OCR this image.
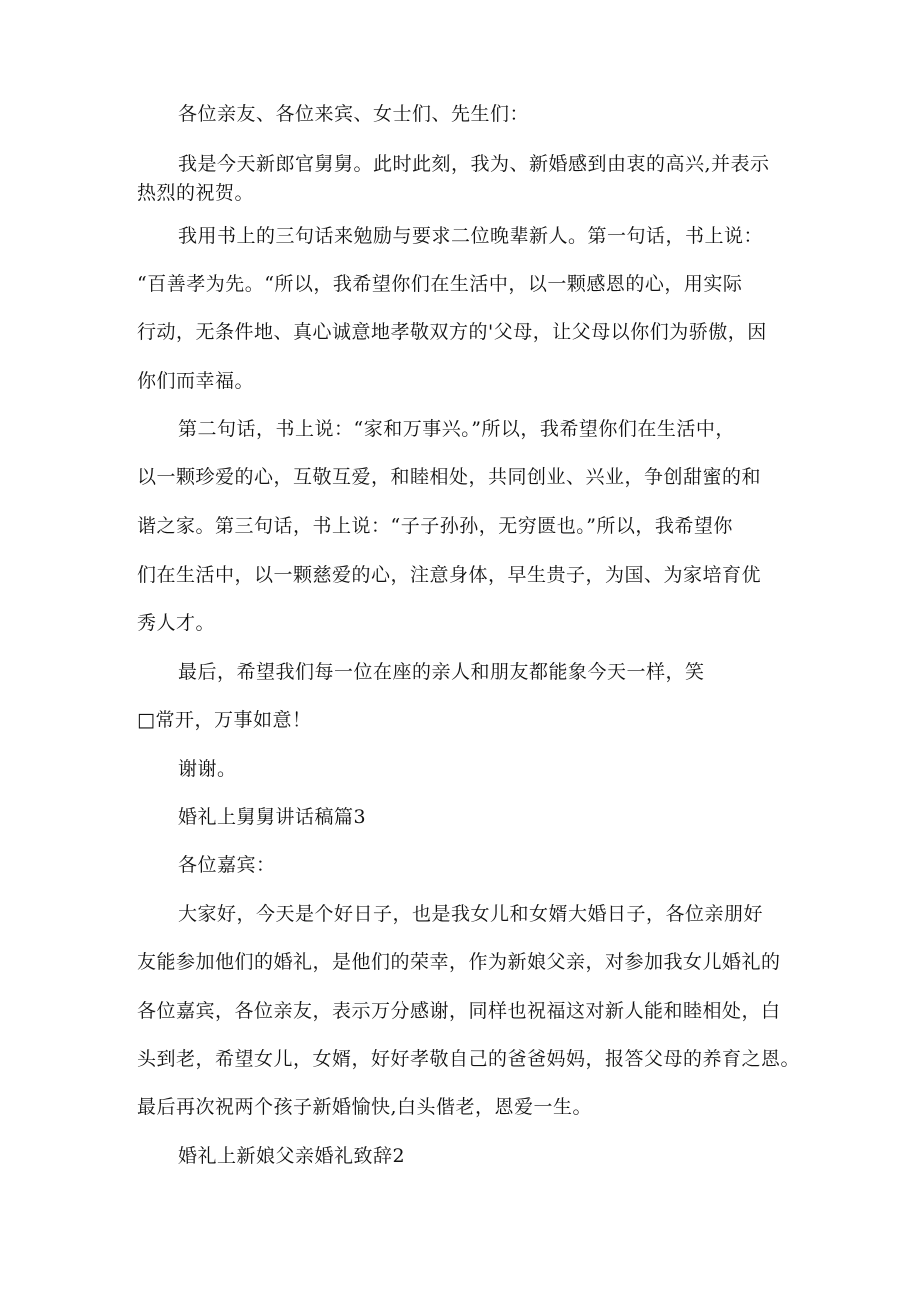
各位亲友、各位来宾、女士们、先生们：
我是今天新郎官舅舅。此时此刻，我为、新婚感到由衷的高兴,并表示
热烈的祝贺。
我用书上的三句话来勉励与要求二位晚辈新人。第一句话，书上说：
“百善孝为先。“所以，我希望你们在生活中，以一颗感恩的心，用实际
行动，无条件地、真心诚意地孝敬双方的'父母，让父母以你们为骄傲，因
你们而幸福。
第二句话，书上说：“家和万事兴。”所以，我希望你们在生活中，
以一颗珍爱的心，互敬互爱，和睦相处，共同创业、兴业，争创甜蜜的和
谐之家。第三句话，书上说：“子子孙孙，无穷匮也。”所以，我希望你
们在生活中，以一颗慈爱的心，注意身体，早生贵子，为国、为家培育优
秀人才。
最后，希望我们每一位在座的亲人和朋友都能象今天一样，笑
□常开，万事如意！
谢谢。
婚礼上舅舅讲话稿篇3
各位嘉宾：
大家好，今天是个好日子，也是我女儿和女婿大婚日子，各位亲朋好
友能参加他们的婚礼，是他们的荣幸，作为新娘父亲，对参加我女儿婚礼的
各位嘉宾，各位亲友，表示万分感谢，同样也祝福这对新人能和睦相处，白
头到老，希望女儿，女婿，好好孝敬自己的爸爸妈妈，报答父母的养育之恩。
最后再次祝两个孩子新婚愉快,白头偕老，恩爱一生。
婚礼上新娘父亲婚礼致辞2
